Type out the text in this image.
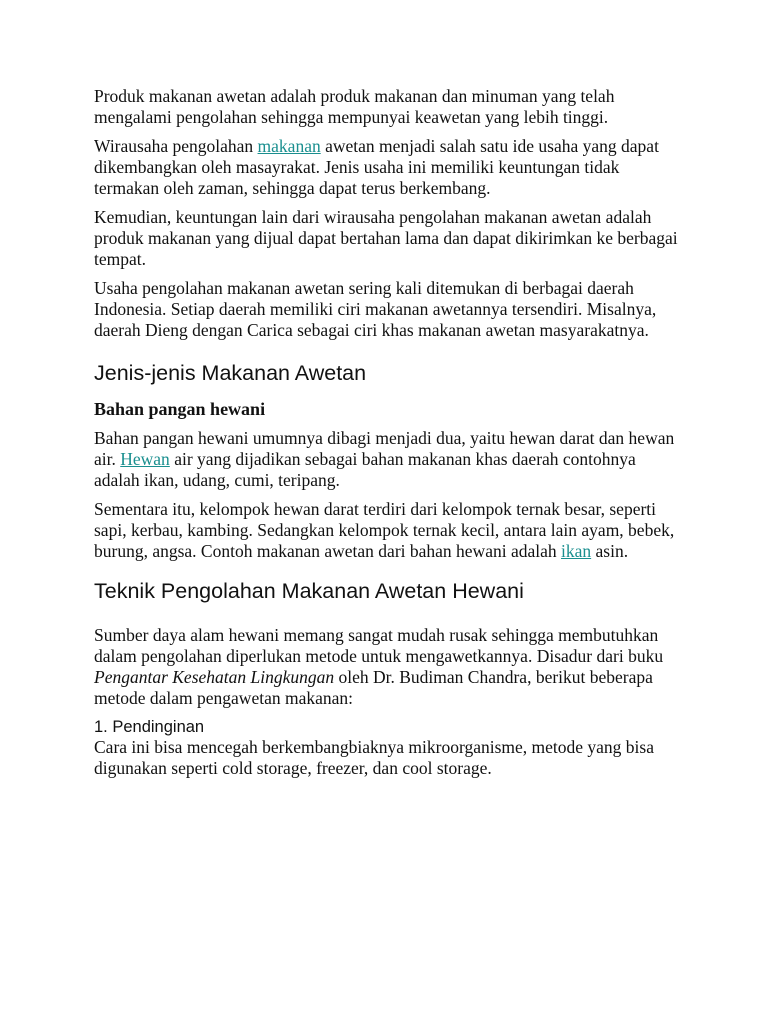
Produk makanan awetan adalah produk makanan dan minuman yang telah mengalami pengolahan sehingga mempunyai keawetan yang lebih tinggi.

Wirausaha pengolahan makanan awetan menjadi salah satu ide usaha yang dapat dikembangkan oleh masayrakat. Jenis usaha ini memiliki keuntungan tidak termakan oleh zaman, sehingga dapat terus berkembang.

Kemudian, keuntungan lain dari wirausaha pengolahan makanan awetan adalah produk makanan yang dijual dapat bertahan lama dan dapat dikirimkan ke berbagai tempat.

Usaha pengolahan makanan awetan sering kali ditemukan di berbagai daerah Indonesia. Setiap daerah memiliki ciri makanan awetannya tersendiri. Misalnya, daerah Dieng dengan Carica sebagai ciri khas makanan awetan masyarakatnya.

Jenis-jenis Makanan Awetan
Bahan pangan hewani

Bahan pangan hewani umumnya dibagi menjadi dua, yaitu hewan darat dan hewan air. Hewan air yang dijadikan sebagai bahan makanan khas daerah contohnya adalah ikan, udang, cumi, teripang.

Sementara itu, kelompok hewan darat terdiri dari kelompok ternak besar, seperti sapi, kerbau, kambing. Sedangkan kelompok ternak kecil, antara lain ayam, bebek, burung, angsa. Contoh makanan awetan dari bahan hewani adalah ikan asin.

Teknik Pengolahan Makanan Awetan Hewani

Sumber daya alam hewani memang sangat mudah rusak sehingga membutuhkan dalam pengolahan diperlukan metode untuk mengawetkannya. Disadur dari buku Pengantar Kesehatan Lingkungan oleh Dr. Budiman Chandra, berikut beberapa metode dalam pengawetan makanan:

1. Pendinginan

Cara ini bisa mencegah berkembangbiaknya mikroorganisme, metode yang bisa digunakan seperti cold storage, freezer, dan cool storage.
